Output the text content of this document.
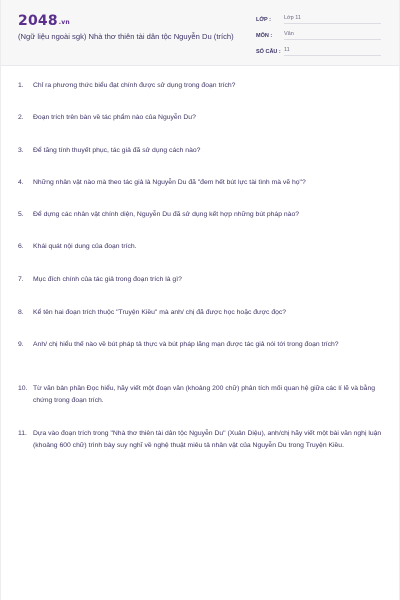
2048.vn
(Ngữ liệu ngoài sgk) Nhà thơ thiên tài dân tộc Nguyễn Du (trích)
LỚP :	Lớp 11
MÔN :	Văn
SỐ CÂU : 11
1.	Chỉ ra phương thức biểu đạt chính được sử dụng trong đoạn trích?
2.	Đoạn trích trên bàn về tác phẩm nào của Nguyễn Du?
3.	Để tăng tính thuyết phục, tác giả đã sử dụng cách nào?
4.	Những nhân vật nào mà theo tác giả là Nguyễn Du đã "đem hết bút lực tài tình mà vẽ họ"?
5.	Để dựng các nhân vật chính diện, Nguyễn Du đã sử dụng kết hợp những bút pháp nào?
6.	Khái quát nội dung của đoạn trích.
7.	Mục đích chính của tác giả trong đoạn trích là gì?
8.	Kể tên hai đoạn trích thuộc "Truyện Kiều" mà anh/ chị đã được học hoặc được đọc?
9.	Anh/ chị hiểu thế nào về bút pháp tả thực và bút pháp lãng mạn được tác giả nói tới trong đoạn trích?
10. Từ văn bản phần Đọc hiểu, hãy viết một đoạn văn (khoảng 200 chữ) phân tích mối quan hệ giữa các lí lẽ và bằng chứng trong đoạn trích.
11. Dựa vào đoạn trích trong "Nhà thơ thiên tài dân tộc Nguyễn Du" (Xuân Diệu), anh/chị hãy viết một bài văn nghị luận (khoảng 600 chữ) trình bày suy nghĩ về nghệ thuật miêu tả nhân vật của Nguyễn Du trong Truyện Kiều.
